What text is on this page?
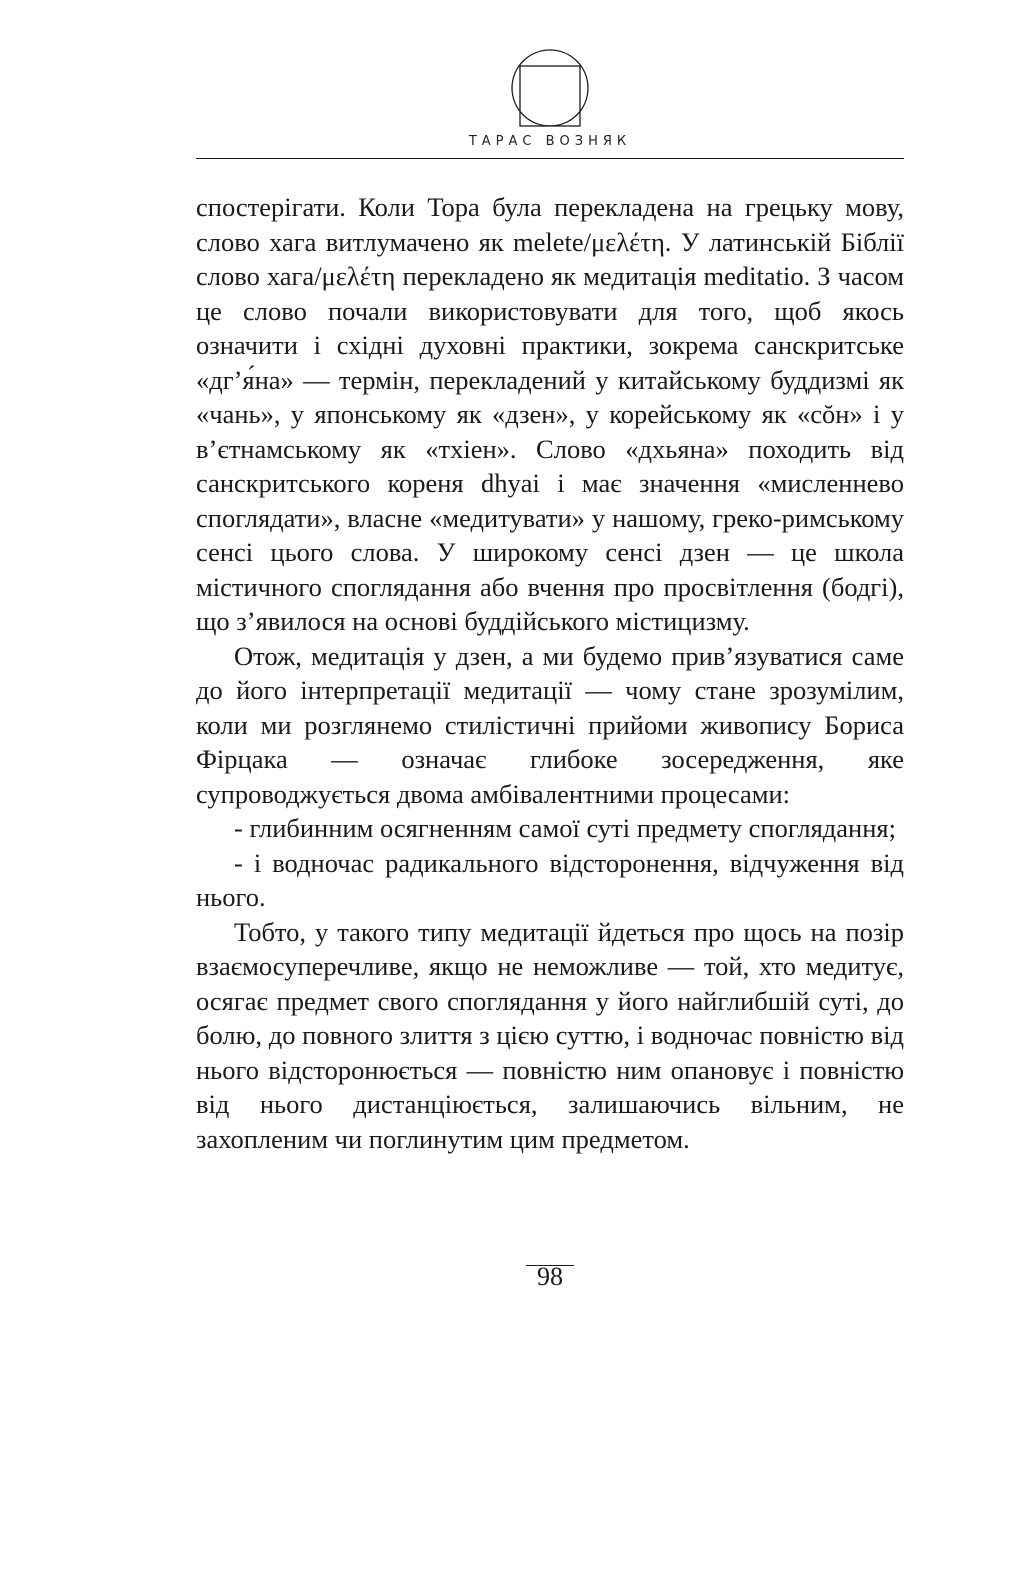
ТАРАС ВОЗНЯК

спостерігати. Коли Тора була перекладена на грецьку мову, слово хага витлумачено як melete/μελέτη. У латинській Біблії слово хага/μελέτη перекладено як медитація meditatio. З часом це слово почали використовувати для того, щоб якось означити і східні духовні практики, зокрема санскритське «дг’я́на» — термін, перекладений у китайському буддизмі як «чань», у японському як «дзен», у корейському як «сŏн» і у в’єтнамському як «тхіен». Слово «дхьяна» походить від санскритського кореня dhyai і має значення «мисленнево споглядати», власне «медитувати» у нашому, греко-римському сенсі цього слова. У широкому сенсі дзен — це школа містичного споглядання або вчення про просвітлення (бодгі), що з’явилося на основі буддійського містицизму.

Отож, медитація у дзен, а ми будемо прив’язуватися саме до його інтерпретації медитації — чому стане зрозумілим, коли ми розглянемо стилістичні прийоми живопису Бориса Фірцака — означає глибоке зосередження, яке супроводжується двома амбівалентними процесами:

- глибинним осягненням самої суті предмету споглядання;

- і водночас радикального відсторонення, відчуження від нього.

Тобто, у такого типу медитації йдеться про щось на позір взаємосуперечливе, якщо не неможливе — той, хто медитує, осягає предмет свого споглядання у його найглибшій суті, до болю, до повного злиття з цією суттю, і водночас повністю від нього відсторонюється — повністю ним опановує і повністю від нього дистанціюється, залишаючись вільним, не захопленим чи поглинутим цим предметом.

98
